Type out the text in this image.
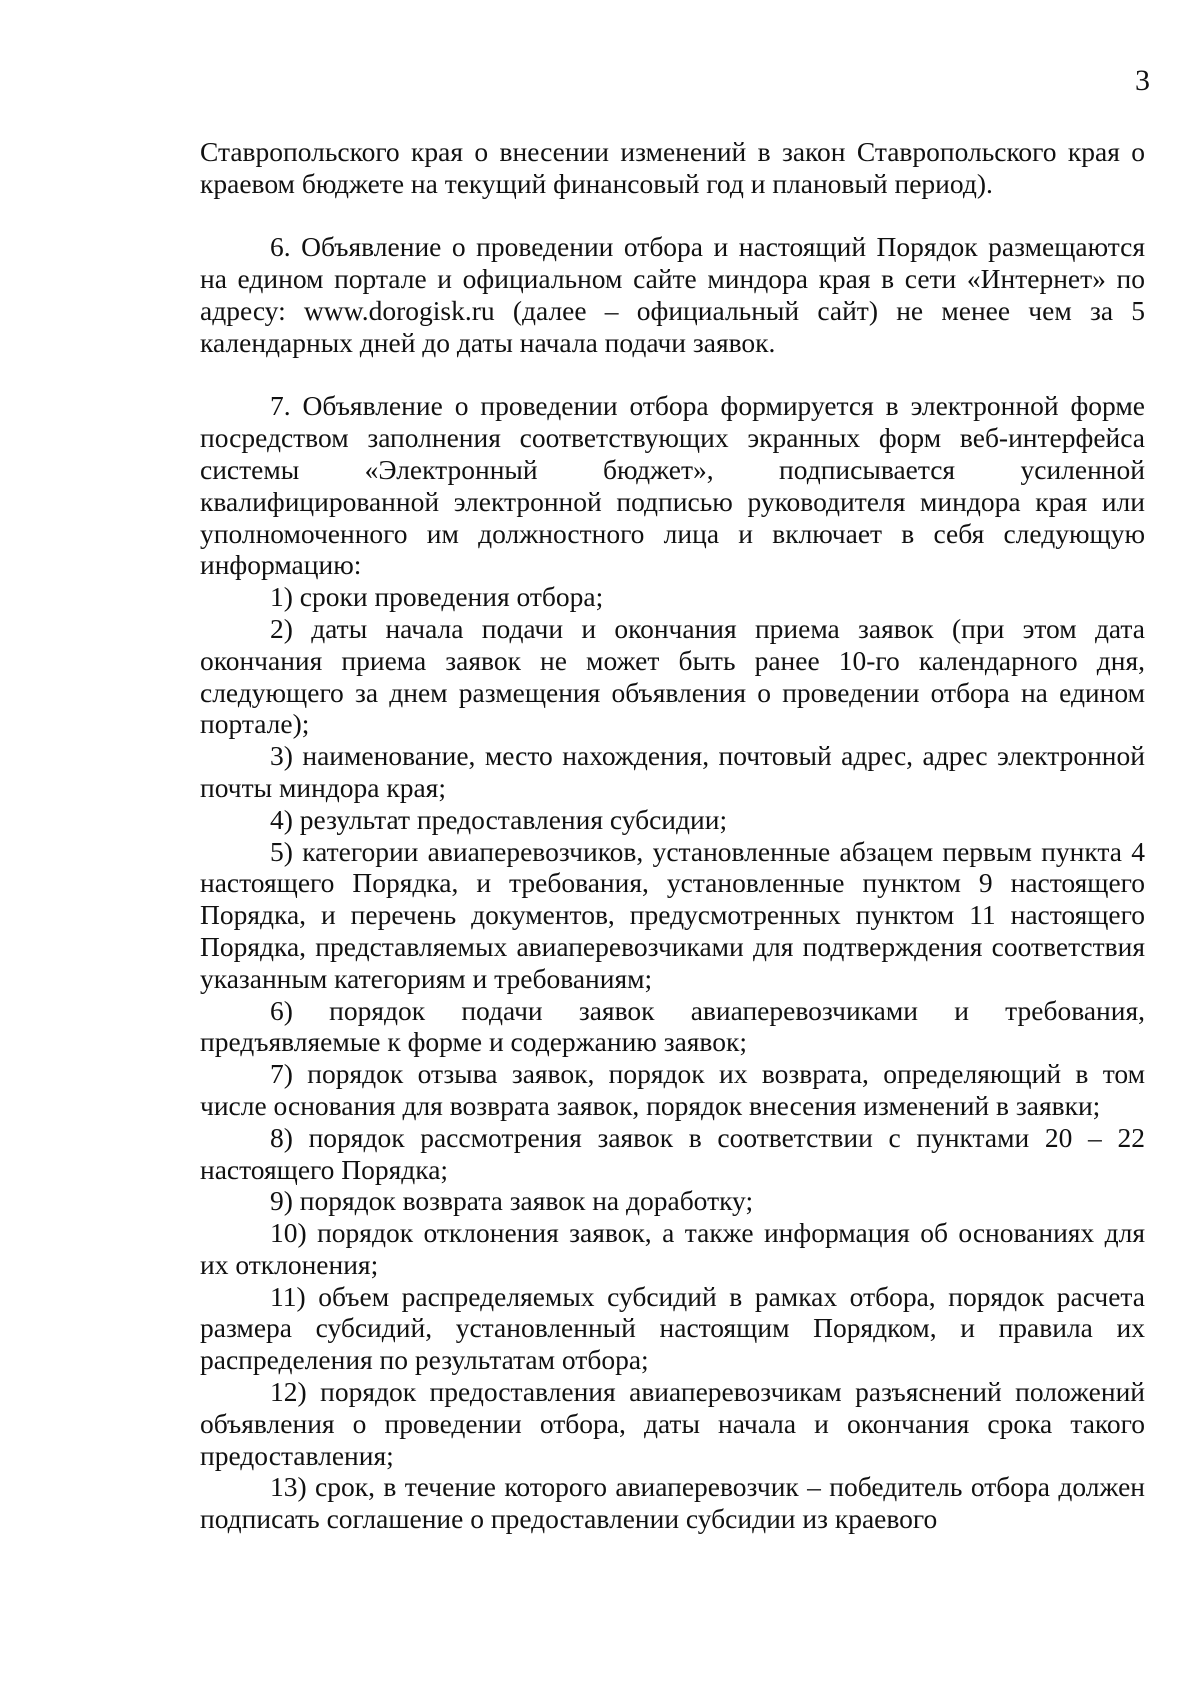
3

Ставропольского края о внесении изменений в закон Ставропольского края о краевом бюджете на текущий финансовый год и плановый период).

6. Объявление о проведении отбора и настоящий Порядок размещаются на едином портале и официальном сайте миндора края в сети «Интернет» по адресу: www.dorogisk.ru (далее – официальный сайт) не менее чем за 5 календарных дней до даты начала подачи заявок.

7. Объявление о проведении отбора формируется в электронной форме посредством заполнения соответствующих экранных форм веб-интерфейса системы «Электронный бюджет», подписывается усиленной квалифицированной электронной подписью руководителя миндора края или уполномоченного им должностного лица и включает в себя следующую информацию:

1) сроки проведения отбора;

2) даты начала подачи и окончания приема заявок (при этом дата окончания приема заявок не может быть ранее 10-го календарного дня, следующего за днем размещения объявления о проведении отбора на едином портале);

3) наименование, место нахождения, почтовый адрес, адрес электронной почты миндора края;

4) результат предоставления субсидии;

5) категории авиаперевозчиков, установленные абзацем первым пункта 4 настоящего Порядка, и требования, установленные пунктом 9 настоящего Порядка, и перечень документов, предусмотренных пунктом 11 настоящего Порядка, представляемых авиаперевозчиками для подтверждения соответствия указанным категориям и требованиям;

6) порядок подачи заявок авиаперевозчиками и требования, предъявляемые к форме и содержанию заявок;

7) порядок отзыва заявок, порядок их возврата, определяющий в том числе основания для возврата заявок, порядок внесения изменений в заявки;

8) порядок рассмотрения заявок в соответствии с пунктами 20 – 22 настоящего Порядка;

9) порядок возврата заявок на доработку;

10) порядок отклонения заявок, а также информация об основаниях для их отклонения;

11) объем распределяемых субсидий в рамках отбора, порядок расчета размера субсидий, установленный настоящим Порядком, и правила их распределения по результатам отбора;

12) порядок предоставления авиаперевозчикам разъяснений положений объявления о проведении отбора, даты начала и окончания срока такого предоставления;

13) срок, в течение которого авиаперевозчик – победитель отбора должен подписать соглашение о предоставлении субсидии из краевого
